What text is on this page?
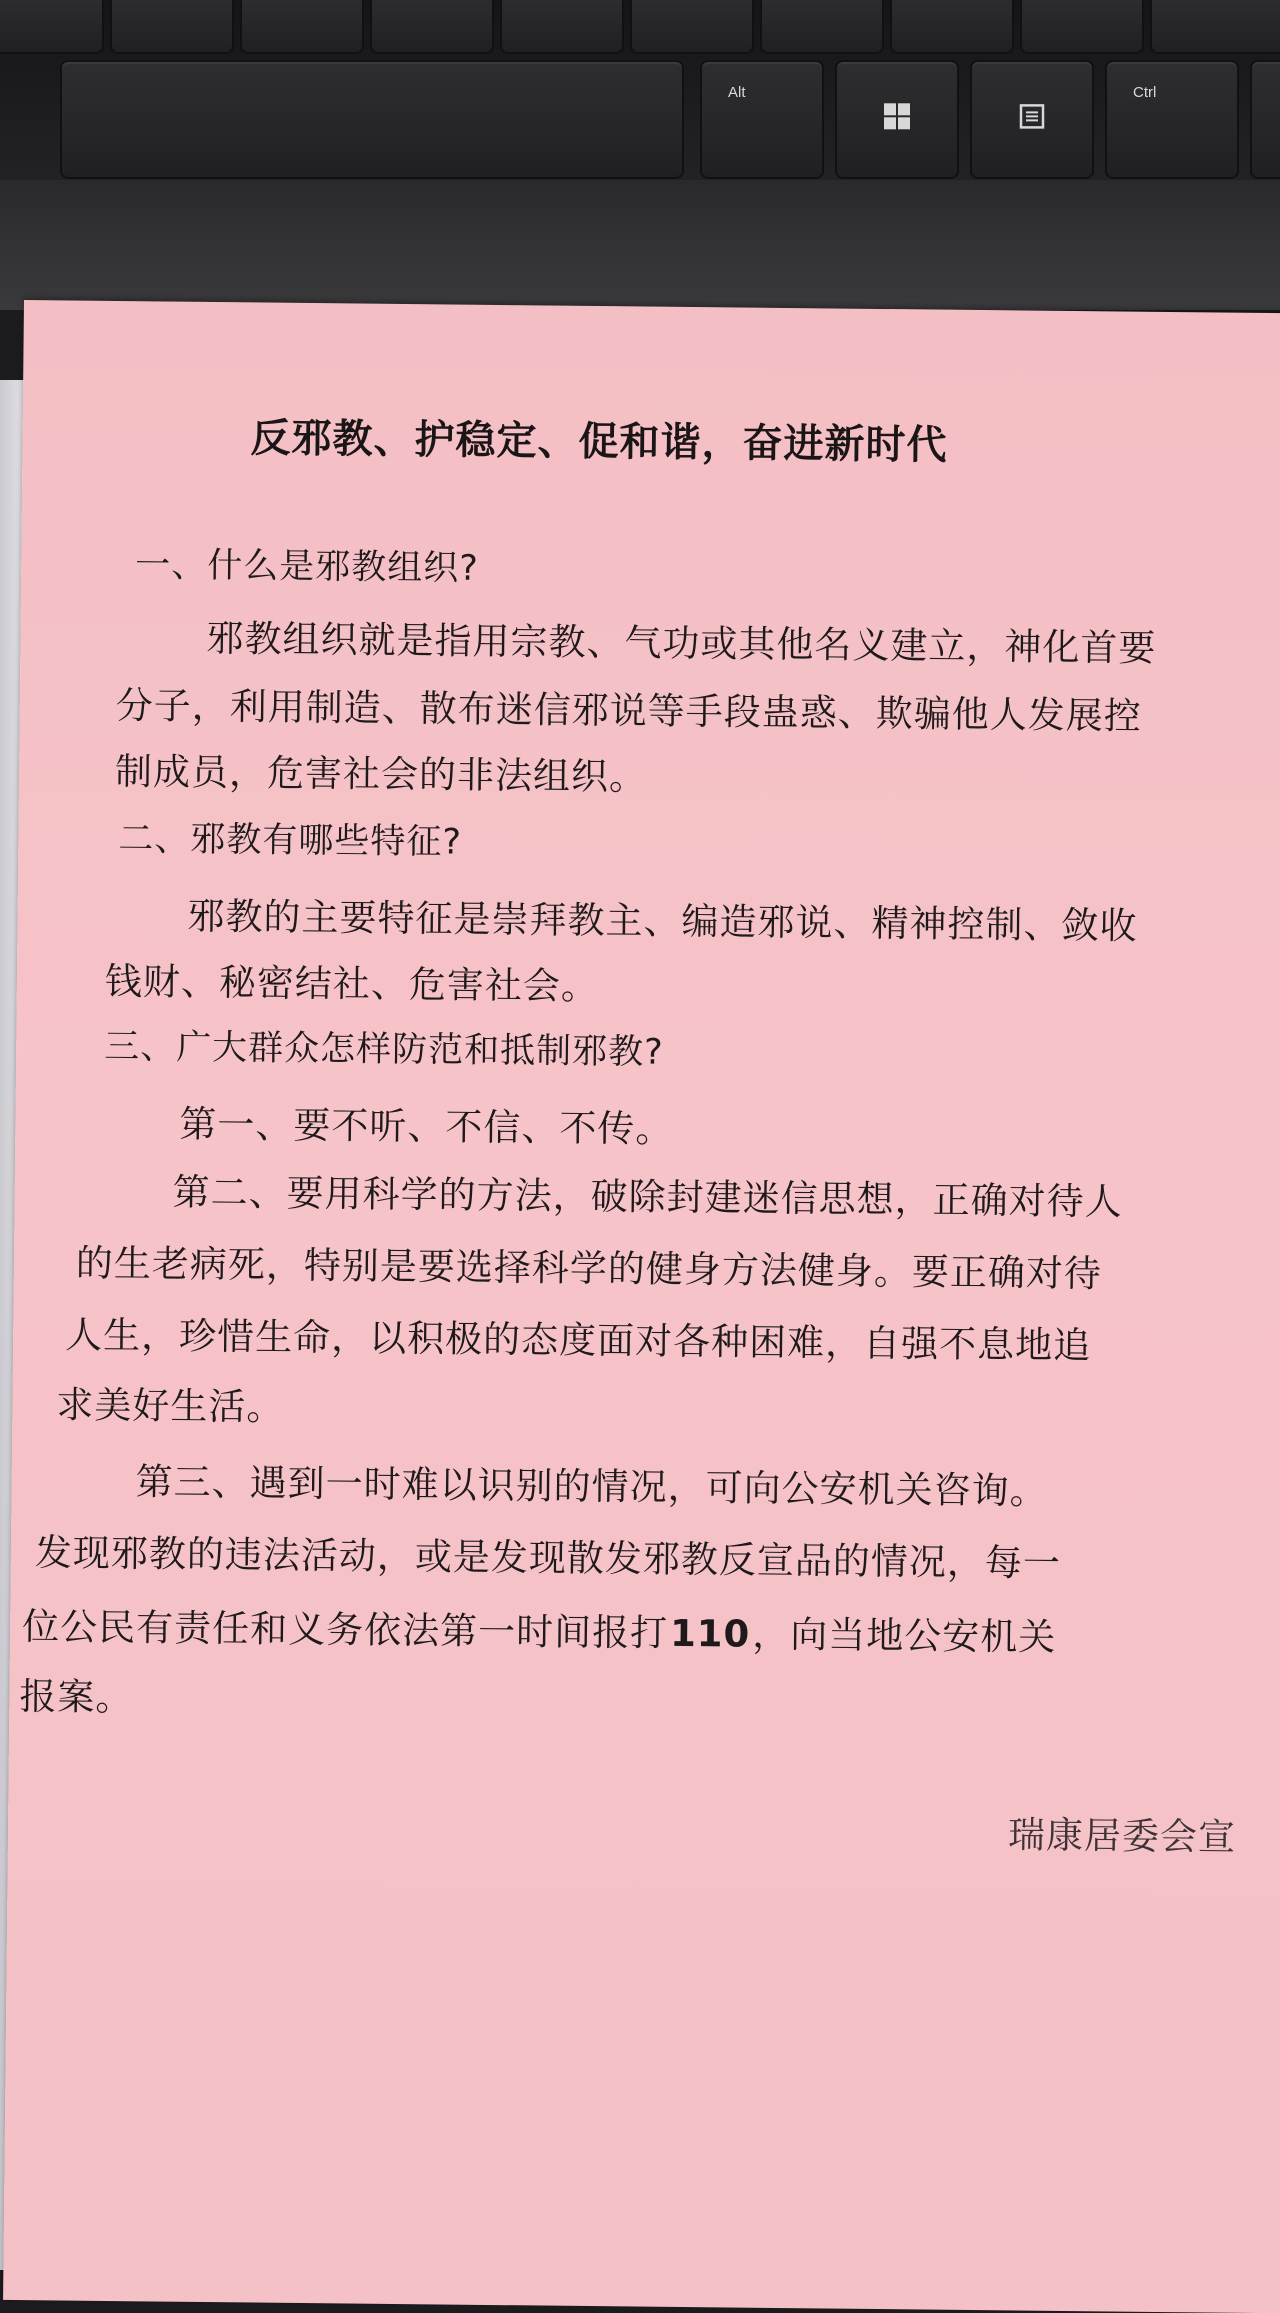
Alt	Ctrl
反邪教、护稳定、促和谐，奋进新时代
一、什么是邪教组织?
邪教组织就是指用宗教、气功或其他名义建立，神化首要
分子，利用制造、散布迷信邪说等手段蛊惑、欺骗他人发展控
制成员，危害社会的非法组织。
二、邪教有哪些特征?
邪教的主要特征是崇拜教主、编造邪说、精神控制、敛收
钱财、秘密结社、危害社会。
三、广大群众怎样防范和抵制邪教?
第一、要不听、不信、不传。
第二、要用科学的方法，破除封建迷信思想，正确对待人
的生老病死，特别是要选择科学的健身方法健身。要正确对待
人生，珍惜生命，以积极的态度面对各种困难，自强不息地追
求美好生活。
第三、遇到一时难以识别的情况，可向公安机关咨询。
发现邪教的违法活动，或是发现散发邪教反宣品的情况，每一
位公民有责任和义务依法第一时间报打110，向当地公安机关
报案。
瑞康居委会宣
